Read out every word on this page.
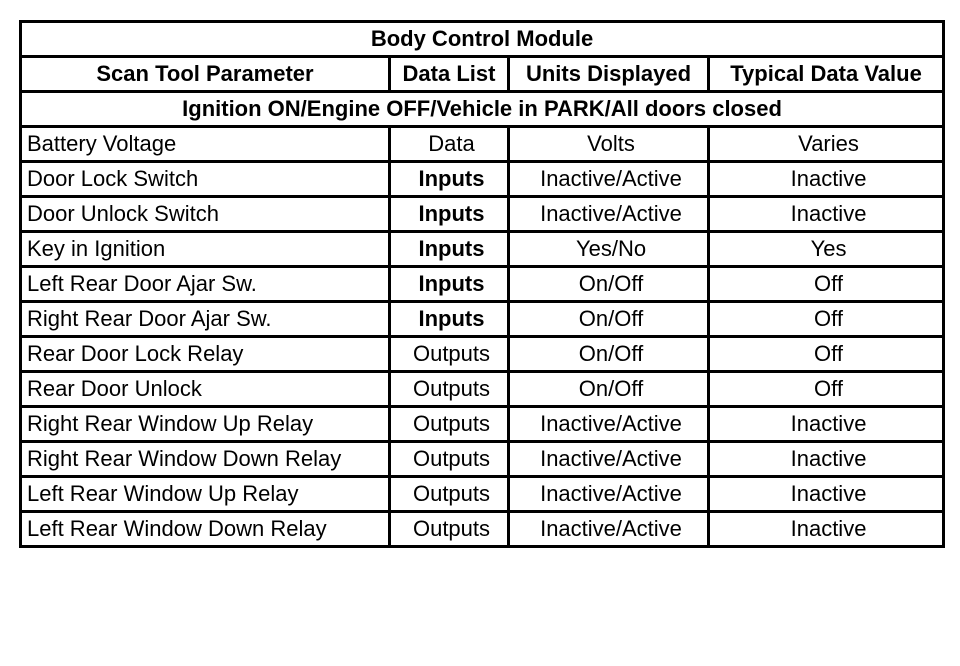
Body Control Module			
Scan Tool Parameter	Data List	Units Displayed	Typical Data Value
Ignition ON/Engine OFF/Vehicle in PARK/All doors closed			
Battery Voltage	Data	Volts	Varies
Door Lock Switch	Inputs	Inactive/Active	Inactive
Door Unlock Switch	Inputs	Inactive/Active	Inactive
Key in Ignition	Inputs	Yes/No	Yes
Left Rear Door Ajar Sw.	Inputs	On/Off	Off
Right Rear Door Ajar Sw.	Inputs	On/Off	Off
Rear Door Lock Relay	Outputs	On/Off	Off
Rear Door Unlock	Outputs	On/Off	Off
Right Rear Window Up Relay	Outputs	Inactive/Active	Inactive
Right Rear Window Down Relay	Outputs	Inactive/Active	Inactive
Left Rear Window Up Relay	Outputs	Inactive/Active	Inactive
Left Rear Window Down Relay	Outputs	Inactive/Active	Inactive
